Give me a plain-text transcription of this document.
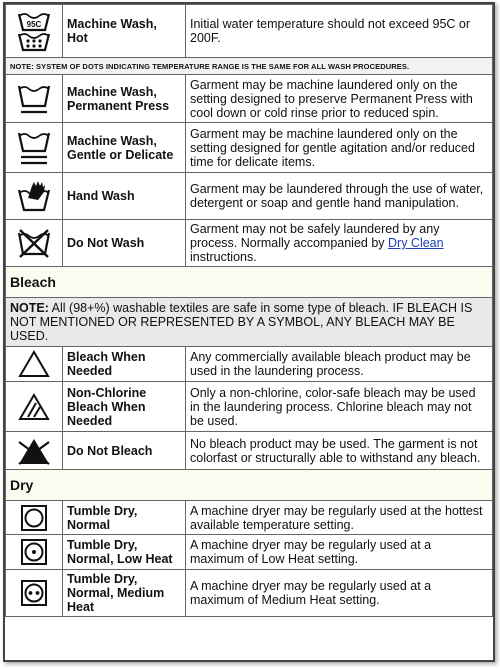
95C	Machine Wash, Hot	Initial water temperature should not exceed 95C or 200F.
NOTE: SYSTEM OF DOTS INDICATING TEMPERATURE RANGE IS THE SAME FOR ALL WASH PROCEDURES.		

	Machine Wash, Permanent Press	Garment may be machine laundered only on the setting designed to preserve Permanent Press with cool down or cold rinse prior to reduced spin.

	Machine Wash, Gentle or Delicate	Garment may be machine laundered only on the setting designed for gentle agitation and/or reduced time for delicate items.

	Hand Wash	Garment may be laundered through the use of water, detergent or soap and gentle hand manipulation.

	Do Not Wash	Garment may not be safely laundered by any process. Normally accompanied by Dry Clean instructions.
Bleach		
NOTE: All (98+%) washable textiles are safe in some type of bleach. IF BLEACH IS NOT MENTIONED OR REPRESENTED BY A SYMBOL, ANY BLEACH MAY BE USED.		

	Bleach When Needed	Any commercially available bleach product may be used in the laundering process.

	Non-Chlorine Bleach When Needed	Only a non-chlorine, color-safe bleach may be used in the laundering process. Chlorine bleach may not be used.

	Do Not Bleach	No bleach product may be used. The garment is not colorfast or structurally able to withstand any bleach.
Dry		

	Tumble Dry, Normal	A machine dryer may be regularly used at the hottest available temperature setting.

	Tumble Dry, Normal, Low Heat	A machine dryer may be regularly used at a maximum of Low Heat setting.

	Tumble Dry, Normal, Medium Heat	A machine dryer may be regularly used at a maximum of Medium Heat setting.
